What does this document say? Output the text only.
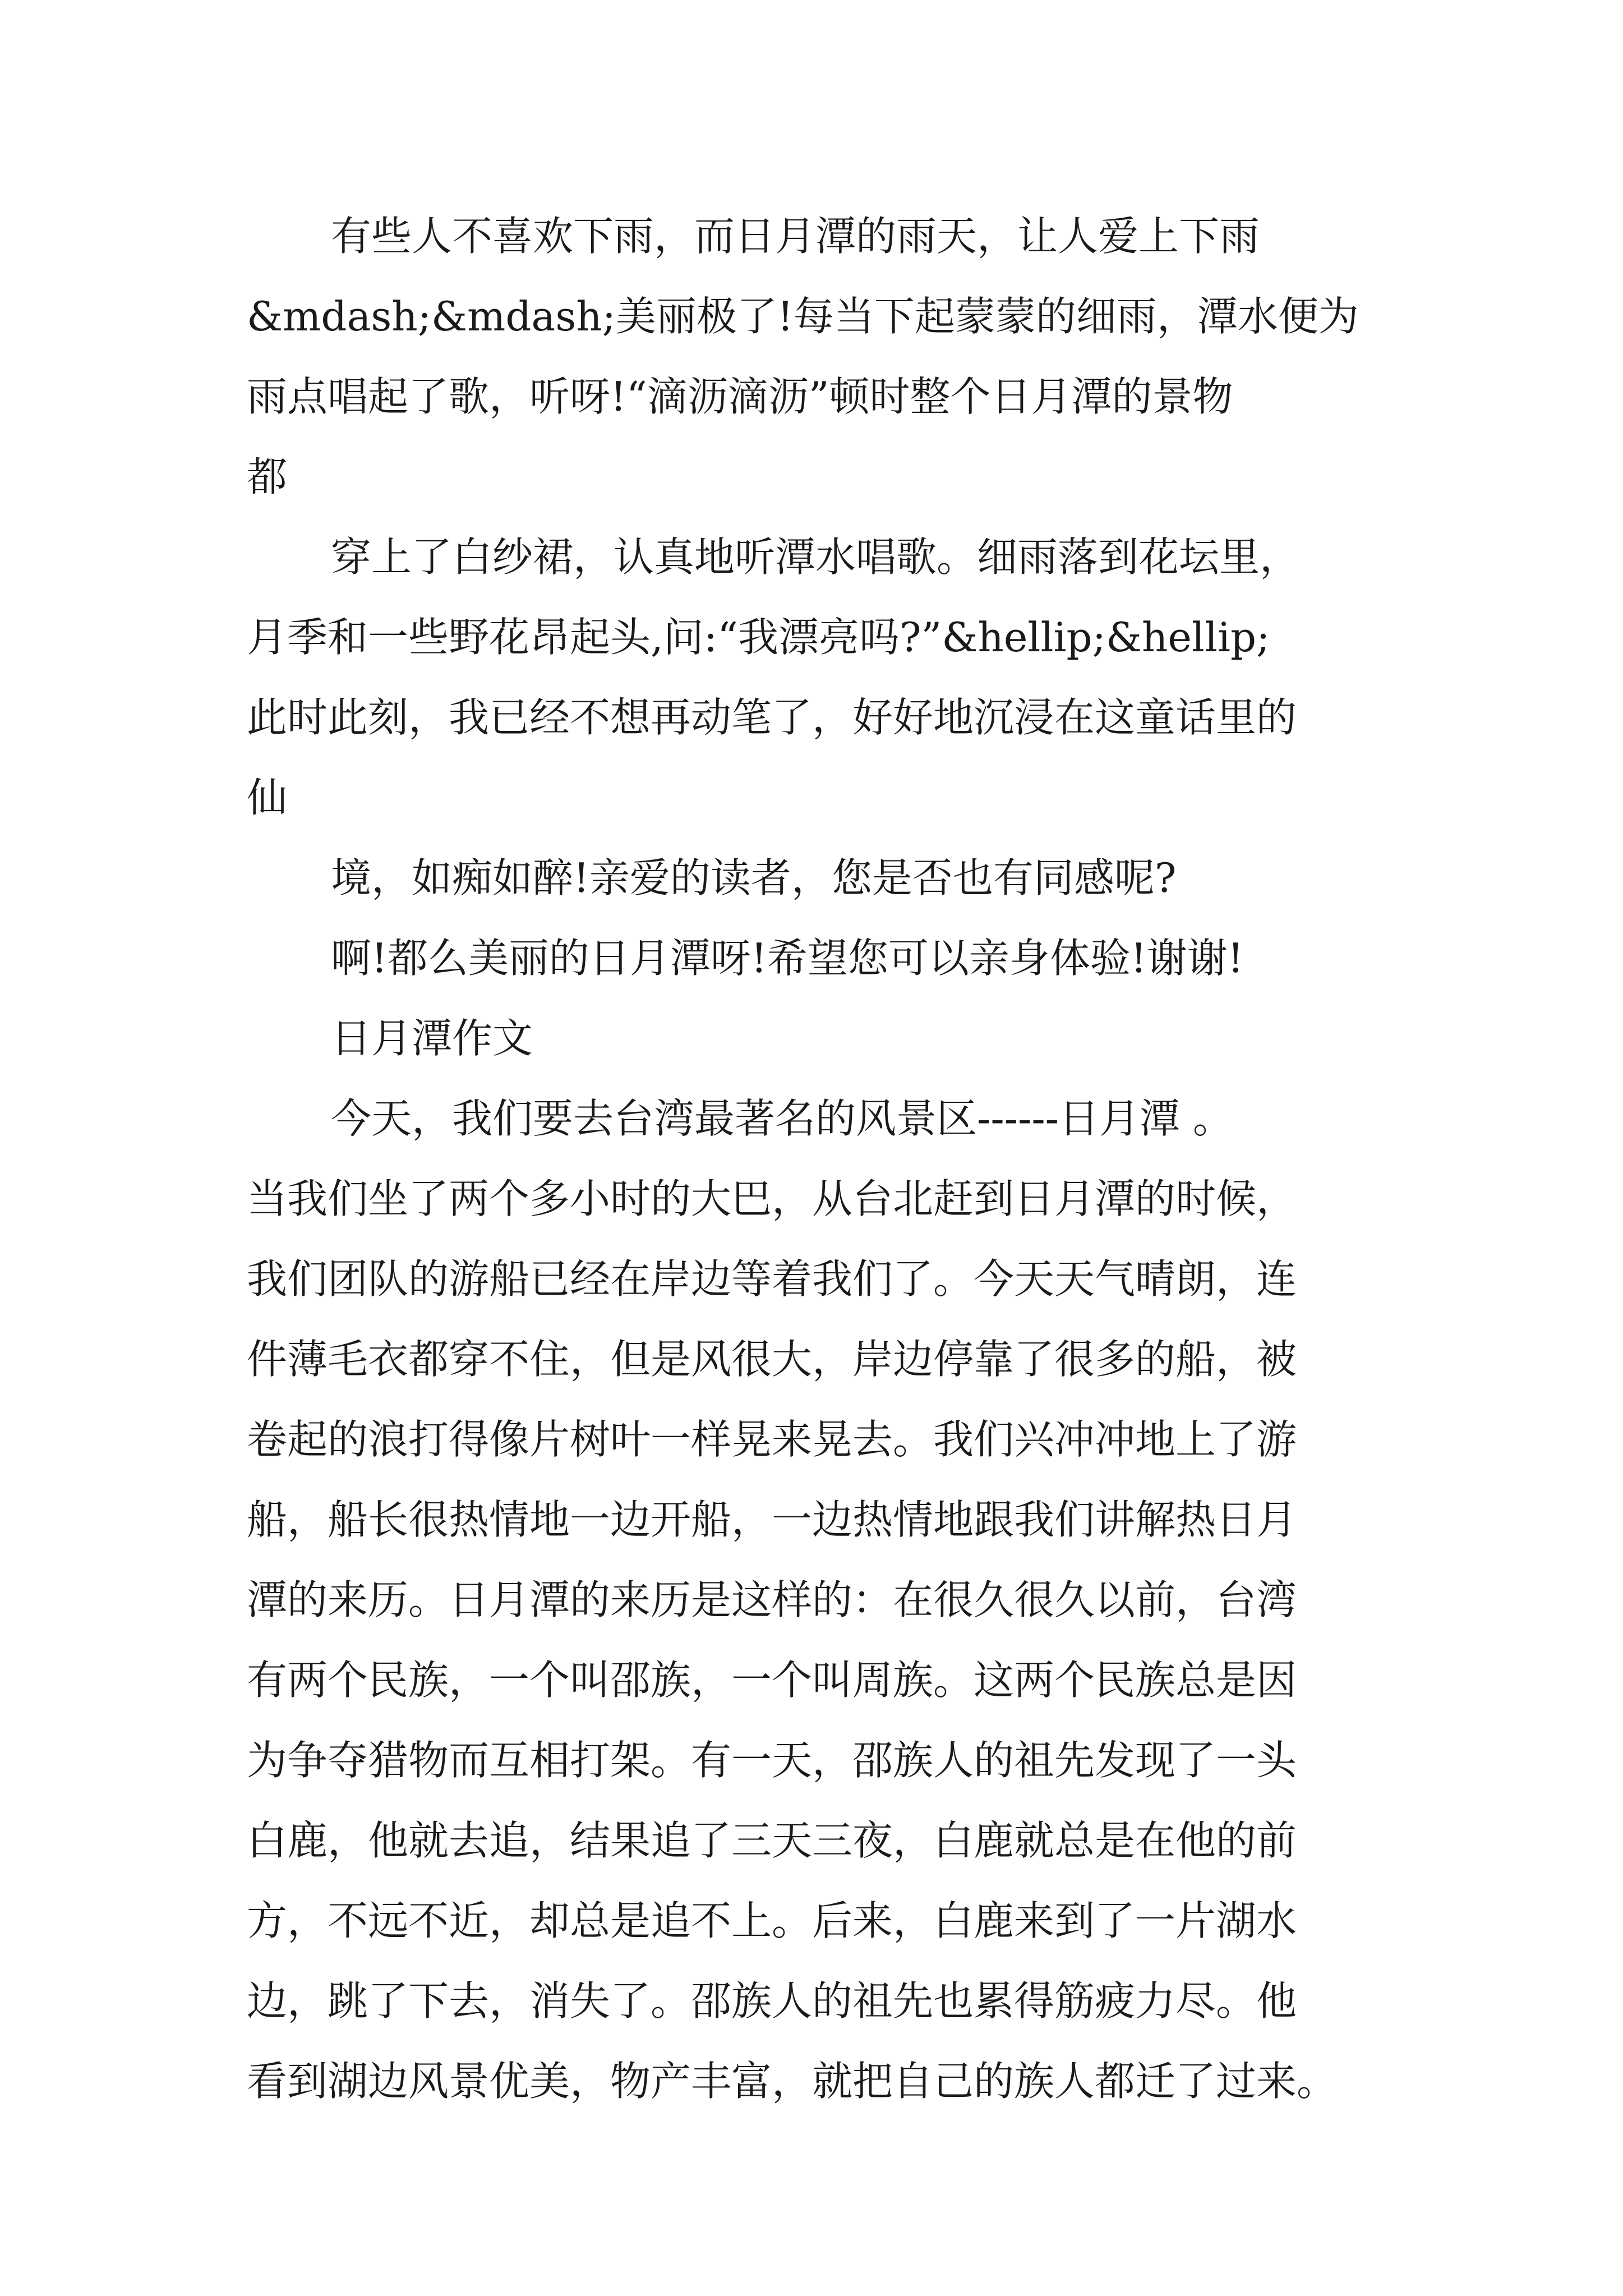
有些人不喜欢下雨，而日月潭的雨天，让人爱上下雨
&mdash;&mdash;美丽极了!每当下起蒙蒙的细雨，潭水便为
雨点唱起了歌，听呀!“滴沥滴沥”顿时整个日月潭的景物
都
穿上了白纱裙，认真地听潭水唱歌。细雨落到花坛里，
月季和一些野花昂起头,问:“我漂亮吗?”&hellip;&hellip;
此时此刻，我已经不想再动笔了，好好地沉浸在这童话里的
仙
境，如痴如醉!亲爱的读者，您是否也有同感呢?
啊!都么美丽的日月潭呀!希望您可以亲身体验!谢谢!
日月潭作文
今天，我们要去台湾最著名的风景区------日月潭 。
当我们坐了两个多小时的大巴，从台北赶到日月潭的时候，
我们团队的游船已经在岸边等着我们了。今天天气晴朗，连
件薄毛衣都穿不住，但是风很大，岸边停靠了很多的船，被
卷起的浪打得像片树叶一样晃来晃去。我们兴冲冲地上了游
船，船长很热情地一边开船，一边热情地跟我们讲解热日月
潭的来历。日月潭的来历是这样的：在很久很久以前，台湾
有两个民族，一个叫邵族，一个叫周族。这两个民族总是因
为争夺猎物而互相打架。有一天，邵族人的祖先发现了一头
白鹿，他就去追，结果追了三天三夜，白鹿就总是在他的前
方，不远不近，却总是追不上。后来，白鹿来到了一片湖水
边，跳了下去，消失了。邵族人的祖先也累得筋疲力尽。他
看到湖边风景优美，物产丰富，就把自己的族人都迁了过来。
